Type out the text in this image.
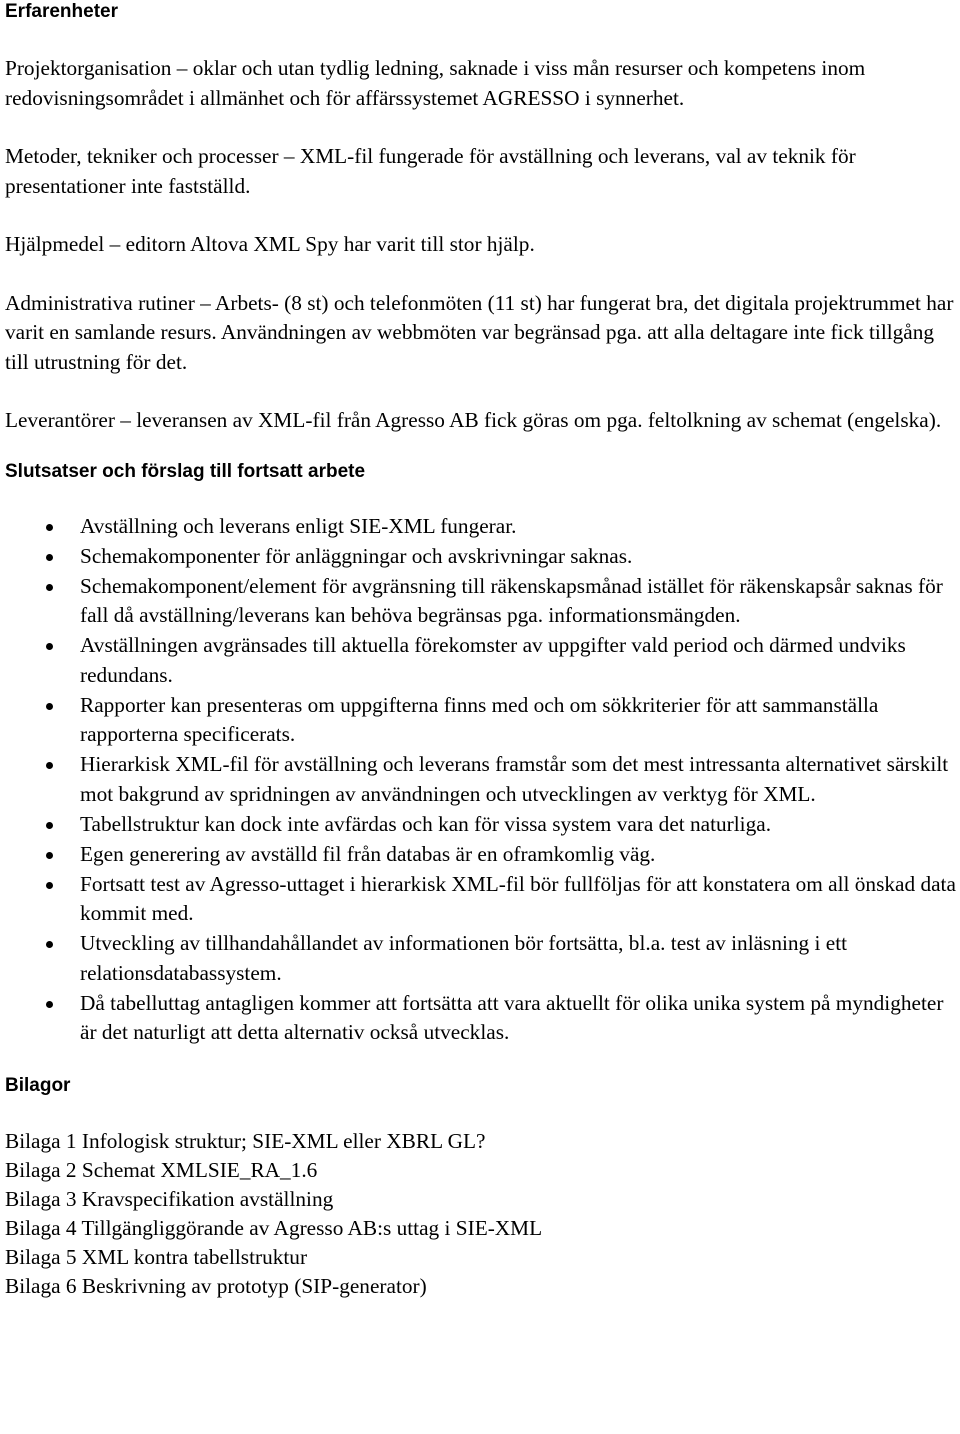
Erfarenheter

Projektorganisation – oklar och utan tydlig ledning, saknade i viss mån resurser och kompetens inom redovisningsområdet i allmänhet och för affärssystemet AGRESSO i synnerhet.

Metoder, tekniker och processer – XML-fil fungerade för avställning och leverans, val av teknik för presentationer inte fastställd.

Hjälpmedel – editorn Altova XML Spy har varit till stor hjälp.

Administrativa rutiner – Arbets- (8 st) och telefonmöten (11 st) har fungerat bra, det digitala projektrummet har varit en samlande resurs. Användningen av webbmöten var begränsad pga. att alla deltagare inte fick tillgång till utrustning för det.

Leverantörer – leveransen av XML-fil från Agresso AB fick göras om pga. feltolkning av schemat (engelska).

Slutsatser och förslag till fortsatt arbete
Avställning och leverans enligt SIE-XML fungerar.
Schemakomponenter för anläggningar och avskrivningar saknas.
Schemakomponent/element för avgränsning till räkenskapsmånad istället för räkenskapsår saknas för fall då avställning/leverans kan behöva begränsas pga. informationsmängden.
Avställningen avgränsades till aktuella förekomster av uppgifter vald period och därmed undviks redundans.
Rapporter kan presenteras om uppgifterna finns med och om sökkriterier för att sammanställa rapporterna specificerats.
Hierarkisk XML-fil för avställning och leverans framstår som det mest intressanta alternativet särskilt mot bakgrund av spridningen av användningen och utvecklingen av verktyg för XML.
Tabellstruktur kan dock inte avfärdas och kan för vissa system vara det naturliga.
Egen generering av avställd fil från databas är en oframkomlig väg.
Fortsatt test av Agresso-uttaget i hierarkisk XML-fil bör fullföljas för att konstatera om all önskad data kommit med.
Utveckling av tillhandahållandet av informationen bör fortsätta, bl.a. test av inläsning i ett relationsdatabassystem.
Då tabelluttag antagligen kommer att fortsätta att vara aktuellt för olika unika system på myndigheter är det naturligt att detta alternativ också utvecklas.
Bilagor

Bilaga 1 Infologisk struktur; SIE-XML eller XBRL GL?

Bilaga 2 Schemat XMLSIE_RA_1.6

Bilaga 3 Kravspecifikation avställning

Bilaga 4 Tillgängliggörande av Agresso AB:s uttag i SIE-XML

Bilaga 5 XML kontra tabellstruktur

Bilaga 6 Beskrivning av prototyp (SIP-generator)
